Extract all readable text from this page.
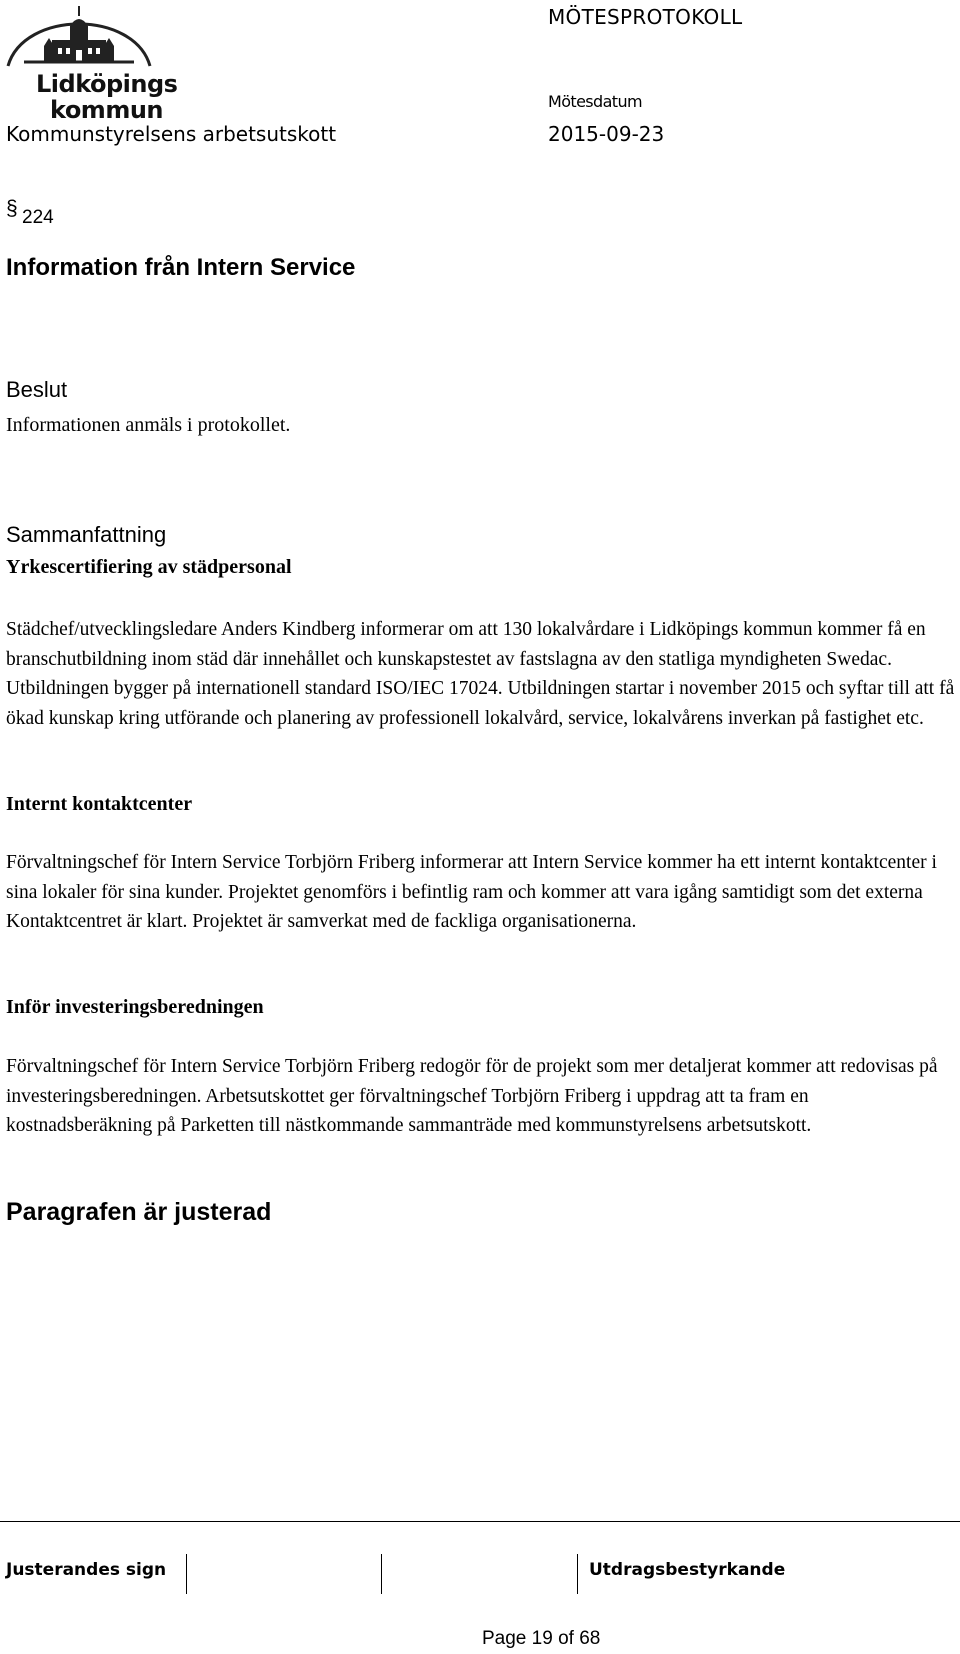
Lidköpings
kommun
Kommunstyrelsens arbetsutskott
MÖTESPROTOKOLL
Mötesdatum
2015-09-23
§ 224
Information från Intern Service
Beslut
Informationen anmäls i protokollet.
Sammanfattning
Yrkescertifiering av städpersonal
Städchef/utvecklingsledare Anders Kindberg informerar om att 130 lokalvårdare i Lidköpings kommun kommer få en branschutbildning inom städ där innehållet och kunskapstestet av fastslagna av den statliga myndigheten Swedac. Utbildningen bygger på internationell standard ISO/IEC 17024. Utbildningen startar i november 2015 och syftar till att få ökad kunskap kring utförande och planering av professionell lokalvård, service, lokalvårens inverkan på fastighet etc.
Internt kontaktcenter
Förvaltningschef för Intern Service Torbjörn Friberg informerar att Intern Service kommer ha ett internt kontaktcenter i sina lokaler för sina kunder. Projektet genomförs i befintlig ram och kommer att vara igång samtidigt som det externa Kontaktcentret är klart. Projektet är samverkat med de fackliga organisationerna.
Inför investeringsberedningen
Förvaltningschef för Intern Service Torbjörn Friberg redogör för de projekt som mer detaljerat kommer att redovisas på investeringsberedningen. Arbetsutskottet ger förvaltningschef Torbjörn Friberg i uppdrag att ta fram en kostnadsberäkning på Parketten till nästkommande sammanträde med kommunstyrelsens arbetsutskott.
Paragrafen är justerad
Justerandes sign	Utdragsbestyrkande
Page 19 of 68
